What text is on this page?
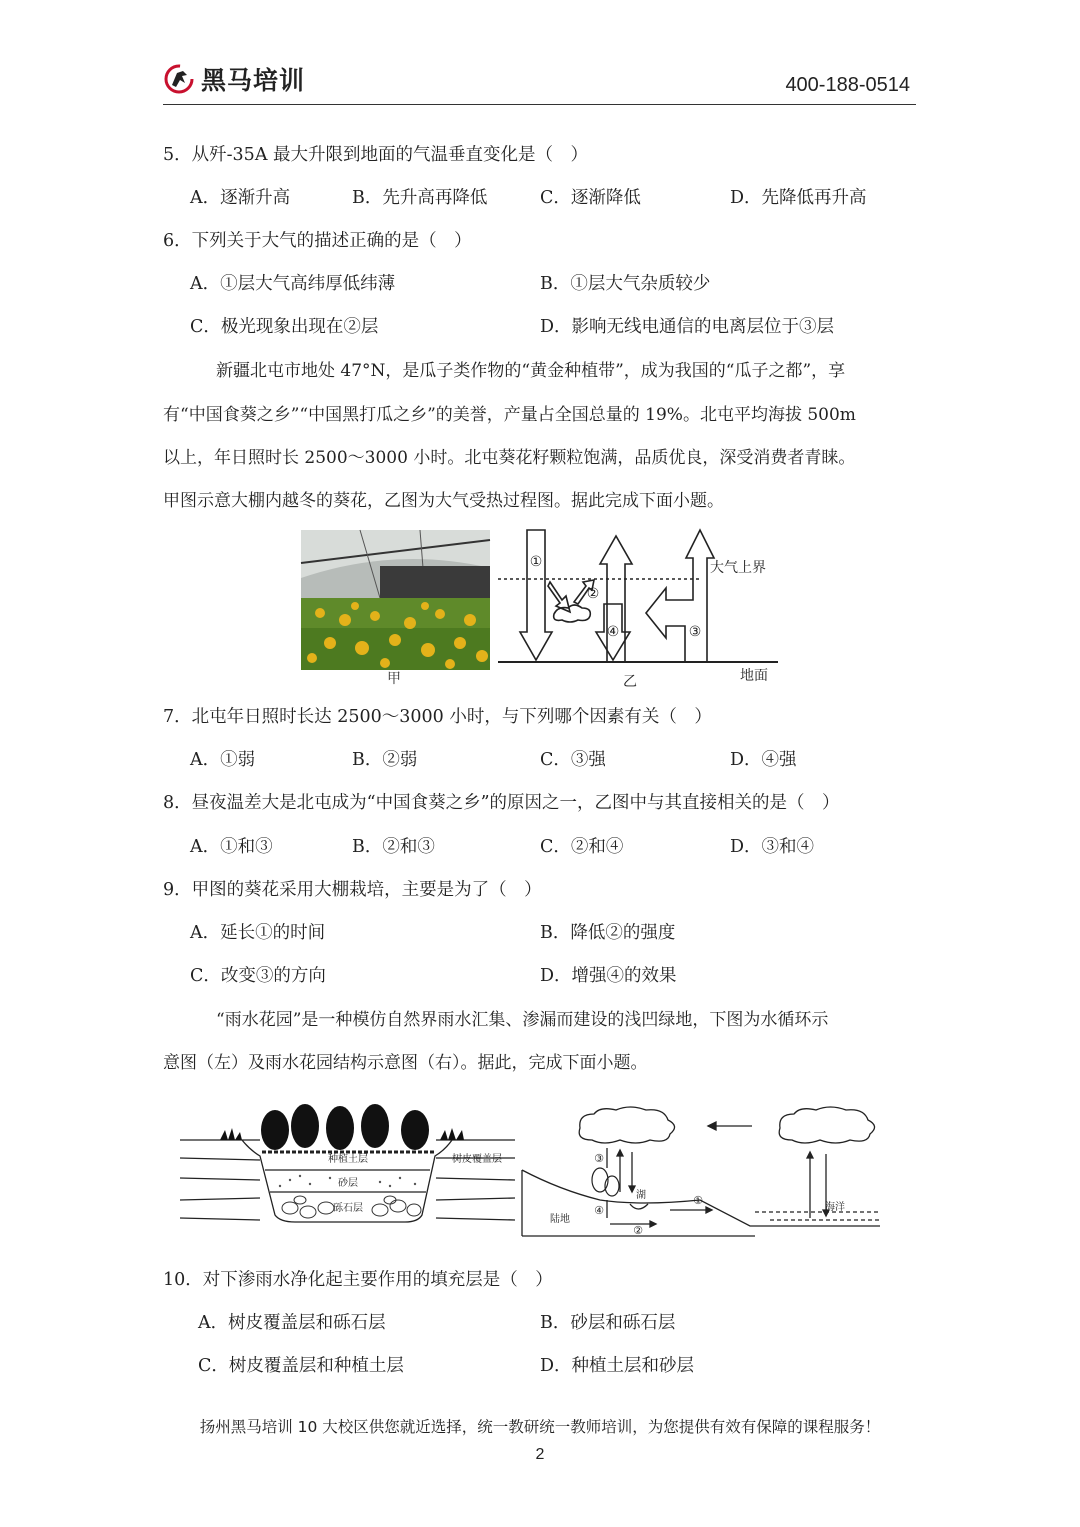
黑马培训	400-188-0514
5．从歼-35A 最大升限到地面的气温垂直变化是（　）
A．逐渐升高	B．先升高再降低	C．逐渐降低	D．先降低再升高
6．下列关于大气的描述正确的是（　）
A．①层大气高纬厚低纬薄	B．①层大气杂质较少
C．极光现象出现在②层	D．影响无线电通信的电离层位于③层
新疆北屯市地处 47°N，是瓜子类作物的“黄金种植带”，成为我国的“瓜子之都”，享
有“中国食葵之乡”“中国黑打瓜之乡”的美誉，产量占全国总量的 19%。北屯平均海拔 500m
以上，年日照时长 2500～3000 小时。北屯葵花籽颗粒饱满，品质优良，深受消费者青睐。
甲图示意大棚内越冬的葵花，乙图为大气受热过程图。据此完成下面小题。
甲
①
②
③
④
大气上界
乙	地面
7．北屯年日照时长达 2500～3000 小时，与下列哪个因素有关（　）
A．①弱	B．②弱	C．③强	D．④强
8．昼夜温差大是北屯成为“中国食葵之乡”的原因之一，乙图中与其直接相关的是（　）
A．①和③	B．②和③	C．②和④	D．③和④
9．甲图的葵花采用大棚栽培，主要是为了（　）
A．延长①的时间	B．降低②的强度
C．改变③的方向	D．增强④的效果
“雨水花园”是一种模仿自然界雨水汇集、渗漏而建设的浅凹绿地，下图为水循环示
意图（左）及雨水花园结构示意图（右）。据此，完成下面小题。
种植土层
砂层
砾石层
树皮覆盖层
湖
陆地
海洋
①
②
③
④
10．对下渗雨水净化起主要作用的填充层是（　）
A．树皮覆盖层和砾石层	B．砂层和砾石层
C．树皮覆盖层和种植土层	D．种植土层和砂层
扬州黑马培训 10 大校区供您就近选择，统一教研统一教师培训，为您提供有效有保障的课程服务！
2
